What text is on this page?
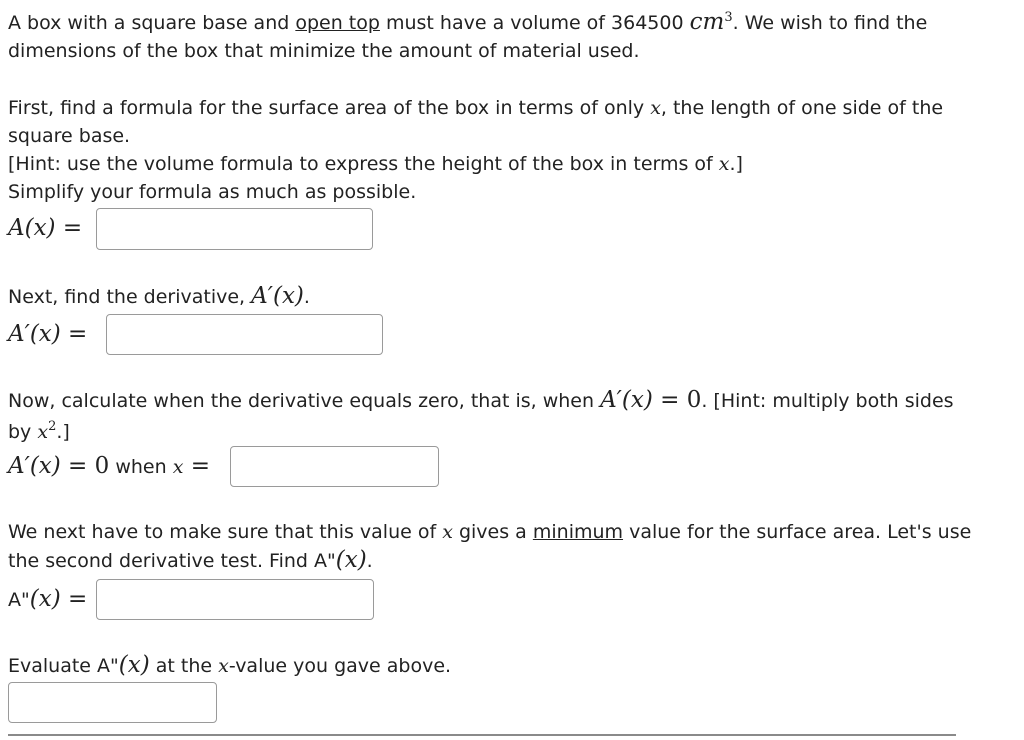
A box with a square base and open top must have a volume of 364500 $cm^3$. We wish to find the
dimensions of the box that minimize the amount of material used.
First, find a formula for the surface area of the box in terms of only x, the length of one side of the
square base.
[Hint: use the volume formula to express the height of the box in terms of x.]
Simplify your formula as much as possible.
A(x) =
Next, find the derivative, A′(x).
A′(x) =
Now, calculate when the derivative equals zero, that is, when A′(x) = 0. [Hint: multiply both sides
by $x^2$.]
A′(x) = 0 when x =
We next have to make sure that this value of x gives a minimum value for the surface area. Let's use
the second derivative test. Find A"(x).
A"(x) =
Evaluate A"(x) at the x-value you gave above.
